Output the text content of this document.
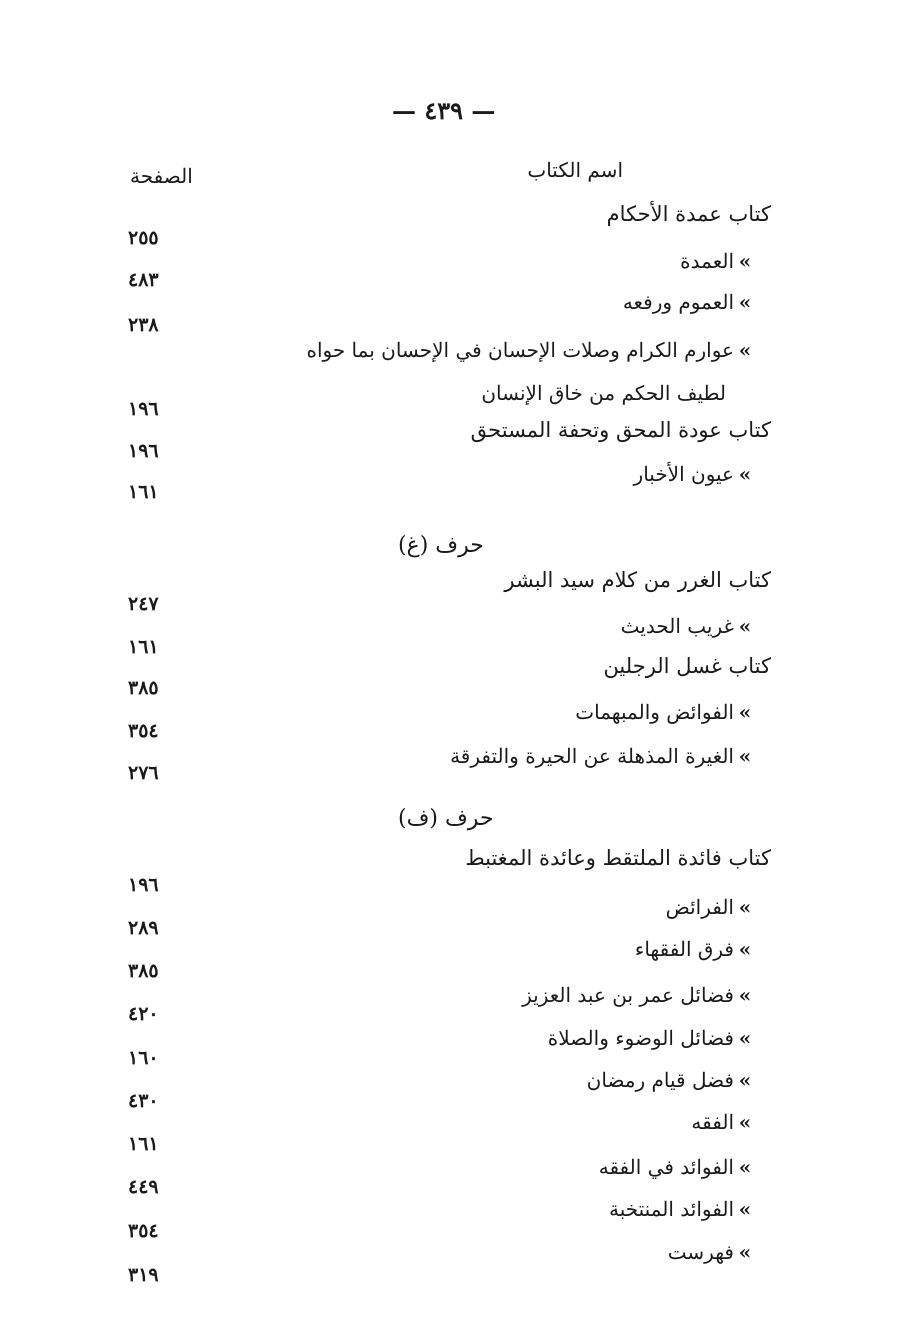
— ٤٣٩ —
اسم الكتاب
الصفحة
كتاب عمدة الأحكام
»العمدة
»العموم ورفعه
»عوارم الكرام وصلات الإحسان في الإحسان بما حواه
لطيف الحكم من خاق الإنسان
كتاب عودة المحق وتحفة المستحق
»عيون الأخبار
حرف (غ)
كتاب الغرر من كلام سيد البشر
»غريب الحديث
كتاب غسل الرجلين
»الفوائض والمبهمات
»الغيرة المذهلة عن الحيرة والتفرقة
حرف (ف)
كتاب فائدة الملتقط وعائدة المغتبط
»الفرائض
»فرق الفقهاء
»فضائل عمر بن عبد العزيز
»فضائل الوضوء والصلاة
»فضل قيام رمضان
»الفقه
»الفوائد في الفقه
»الفوائد المنتخبة
»فهرست
٢٥٥
٤٨٣
٢٣٨
١٩٦
١٩٦
١٦١
٢٤٧
١٦١
٣٨٥
٣٥٤
٢٧٦
١٩٦
٢٨٩
٣٨٥
٤٢٠
١٦٠
٤٣٠
١٦١
٤٤٩
٣٥٤
٣١٩
